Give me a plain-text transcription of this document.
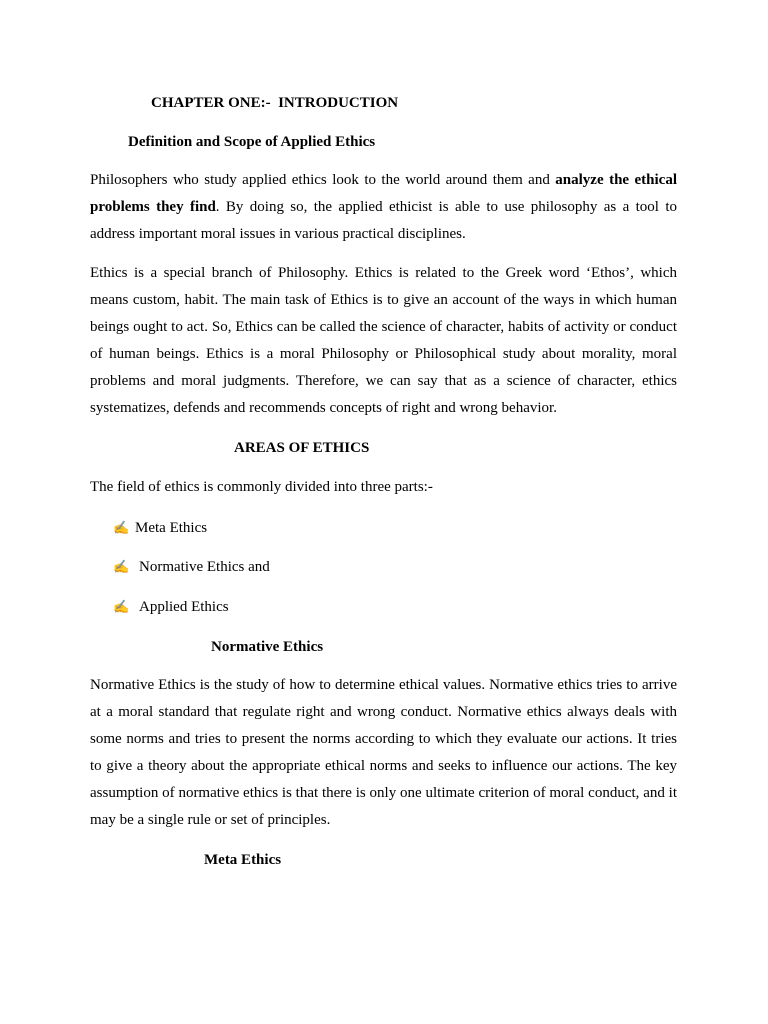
CHAPTER ONE:-  INTRODUCTION
Definition and Scope of Applied Ethics
Philosophers who study applied ethics look to the world around them and analyze the ethical problems they find. By doing so, the applied ethicist is able to use philosophy as a tool to address important moral issues in various practical disciplines.
Ethics is a special branch of Philosophy. Ethics is related to the Greek word ‘Ethos’, which means custom, habit. The main task of Ethics is to give an account of the ways in which human beings ought to act. So, Ethics can be called the science of character, habits of activity or conduct of human beings. Ethics is a moral Philosophy or Philosophical study about morality, moral problems and moral judgments. Therefore, we can say that as a science of character, ethics systematizes, defends and recommends concepts of right and wrong behavior.
AREAS OF ETHICS
The field of ethics is commonly divided into three parts:-
✍ Meta Ethics
✍ Normative Ethics and
✍ Applied Ethics
Normative Ethics
Normative Ethics is the study of how to determine ethical values. Normative ethics tries to arrive at a moral standard that regulate right and wrong conduct. Normative ethics always deals with some norms and tries to present the norms according to which they evaluate our actions. It tries to give a theory about the appropriate ethical norms and seeks to influence our actions. The key assumption of normative ethics is that there is only one ultimate criterion of moral conduct, and it may be a single rule or set of principles.
Meta Ethics
